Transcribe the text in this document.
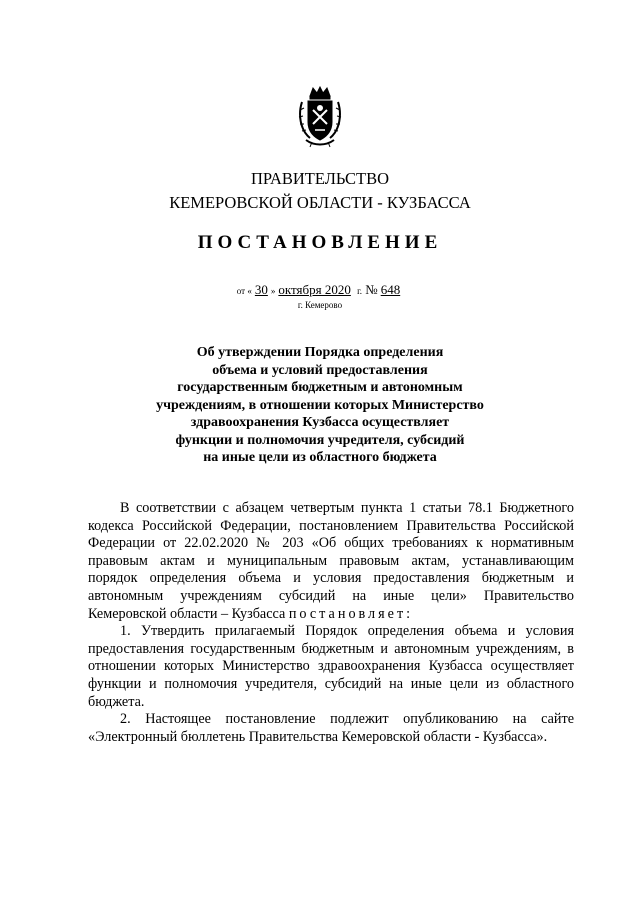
ПРАВИТЕЛЬСТВО
КЕМЕРОВСКОЙ ОБЛАСТИ - КУЗБАССА
ПОСТАНОВЛЕНИЕ
от « 30 » октября 2020 г. № 648
г. Кемерово
Об утверждении Порядка определения
объема и условий предоставления
государственным бюджетным и автономным
учреждениям, в отношении которых Министерство
здравоохранения Кузбасса осуществляет
функции и полномочия учредителя, субсидий
на иные цели из областного бюджета

В соответствии с абзацем четвертым пункта 1 статьи 78.1 Бюджетного кодекса Российской Федерации, постановлением Правительства Российской Федерации от 22.02.2020 № 203 «Об общих требованиях к нормативным правовым актам и муниципальным правовым актам, устанавливающим порядок определения объема и условия предоставления бюджетным и автономным учреждениям субсидий на иные цели» Правительство Кемеровской области – Кузбасса постановляет:

1. Утвердить прилагаемый Порядок определения объема и условия предоставления государственным бюджетным и автономным учреждениям, в отношении которых Министерство здравоохранения Кузбасса осуществляет функции и полномочия учредителя, субсидий на иные цели из областного бюджета.

2. Настоящее постановление подлежит опубликованию на сайте «Электронный бюллетень Правительства Кемеровской области - Кузбасса».
